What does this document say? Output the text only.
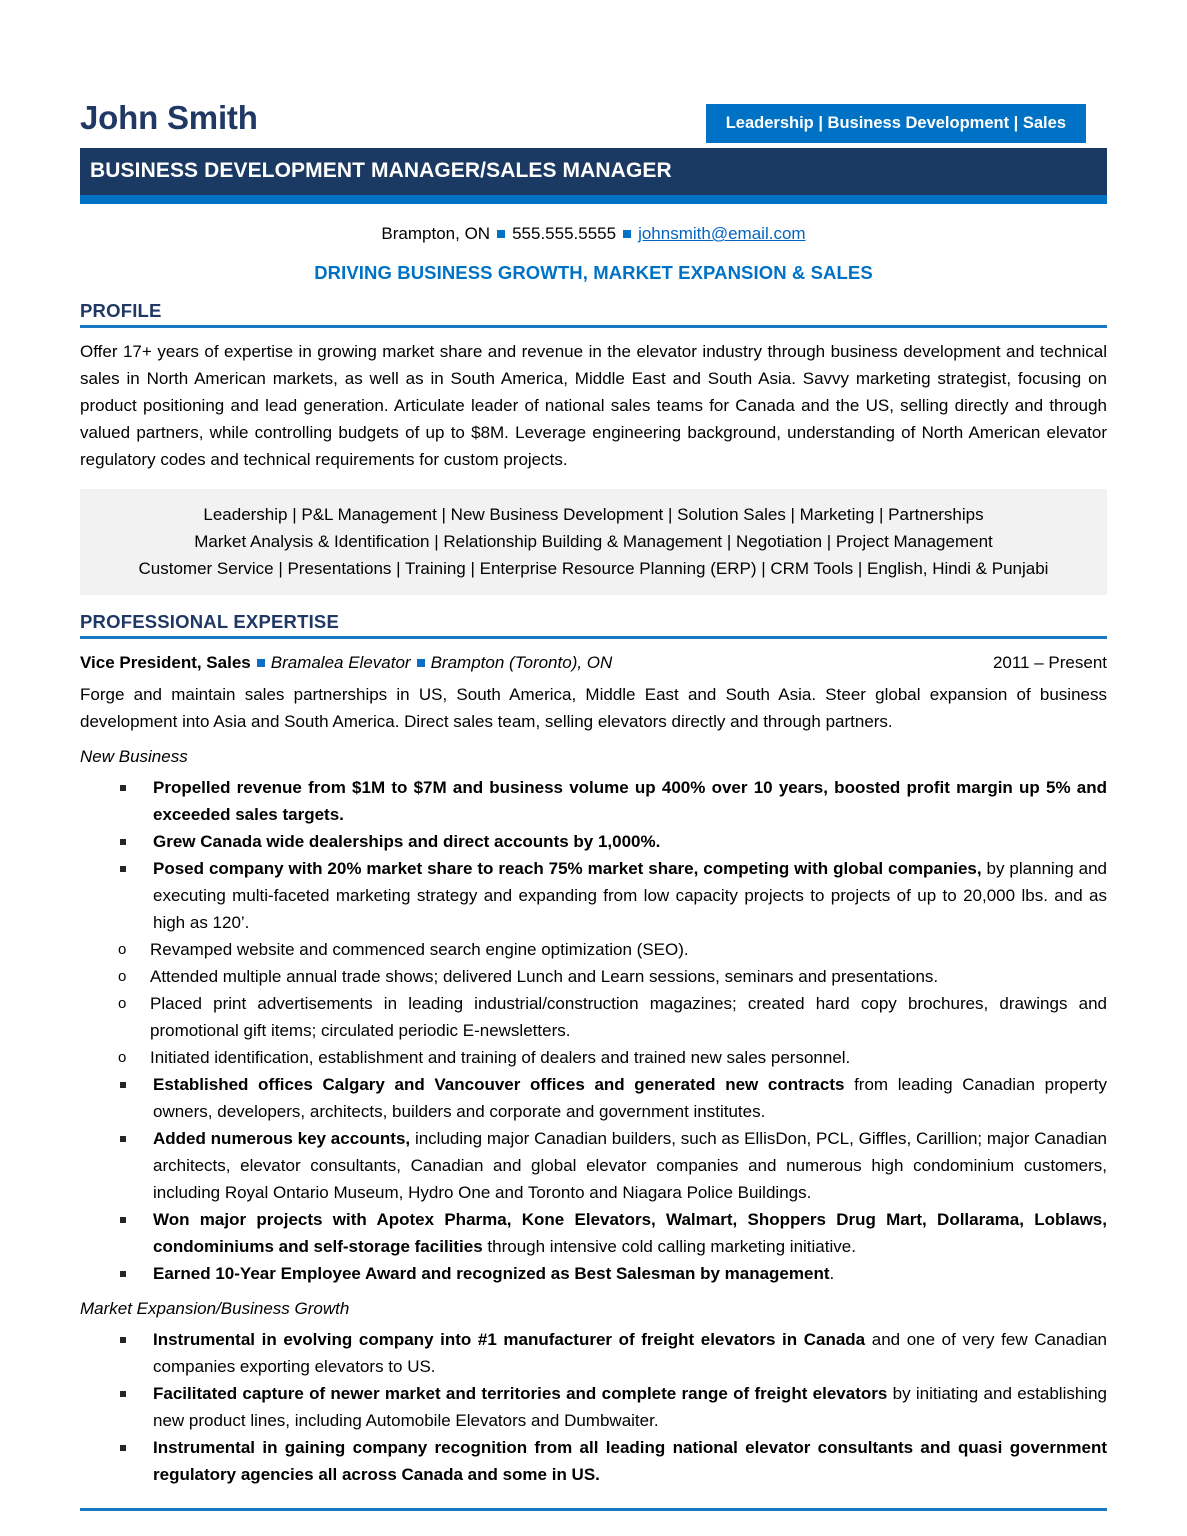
John Smith	Leadership | Business Development | Sales
BUSINESS DEVELOPMENT MANAGER/SALES MANAGER
Brampton, ON 555.555.5555 johnsmith@email.com
DRIVING BUSINESS GROWTH, MARKET EXPANSION & SALES
PROFILE
Offer 17+ years of expertise in growing market share and revenue in the elevator industry through business development and technical sales in North American markets, as well as in South America, Middle East and South Asia. Savvy marketing strategist, focusing on product positioning and lead generation. Articulate leader of national sales teams for Canada and the US, selling directly and through valued partners, while controlling budgets of up to $8M. Leverage engineering background, understanding of North American elevator regulatory codes and technical requirements for custom projects.
Leadership | P&L Management | New Business Development | Solution Sales | Marketing | Partnerships
Market Analysis & Identification | Relationship Building & Management | Negotiation | Project Management
Customer Service | Presentations | Training | Enterprise Resource Planning (ERP) | CRM Tools | English, Hindi & Punjabi
PROFESSIONAL EXPERTISE
Vice President, Sales Bramalea Elevator Brampton (Toronto), ON	2011 – Present
Forge and maintain sales partnerships in US, South America, Middle East and South Asia. Steer global expansion of business development into Asia and South America. Direct sales team, selling elevators directly and through partners.
New Business
Propelled revenue from $1M to $7M and business volume up 400% over 10 years, boosted profit margin up 5% and exceeded sales targets.
Grew Canada wide dealerships and direct accounts by 1,000%.
Posed company with 20% market share to reach 75% market share, competing with global companies, by planning and executing multi-faceted marketing strategy and expanding from low capacity projects to projects of up to 20,000 lbs. and as high as 120’.
o Revamped website and commenced search engine optimization (SEO).
o Attended multiple annual trade shows; delivered Lunch and Learn sessions, seminars and presentations.
o Placed print advertisements in leading industrial/construction magazines; created hard copy brochures, drawings and promotional gift items; circulated periodic E-newsletters.
o Initiated identification, establishment and training of dealers and trained new sales personnel.
Established offices Calgary and Vancouver offices and generated new contracts from leading Canadian property owners, developers, architects, builders and corporate and government institutes.
Added numerous key accounts, including major Canadian builders, such as EllisDon, PCL, Giffles, Carillion; major Canadian architects, elevator consultants, Canadian and global elevator companies and numerous high condominium customers, including Royal Ontario Museum, Hydro One and Toronto and Niagara Police Buildings.
Won major projects with Apotex Pharma, Kone Elevators, Walmart, Shoppers Drug Mart, Dollarama, Loblaws, condominiums and self-storage facilities through intensive cold calling marketing initiative.
Earned 10-Year Employee Award and recognized as Best Salesman by management.
Market Expansion/Business Growth
Instrumental in evolving company into #1 manufacturer of freight elevators in Canada and one of very few Canadian companies exporting elevators to US.
Facilitated capture of newer market and territories and complete range of freight elevators by initiating and establishing new product lines, including Automobile Elevators and Dumbwaiter.
Instrumental in gaining company recognition from all leading national elevator consultants and quasi government regulatory agencies all across Canada and some in US.
